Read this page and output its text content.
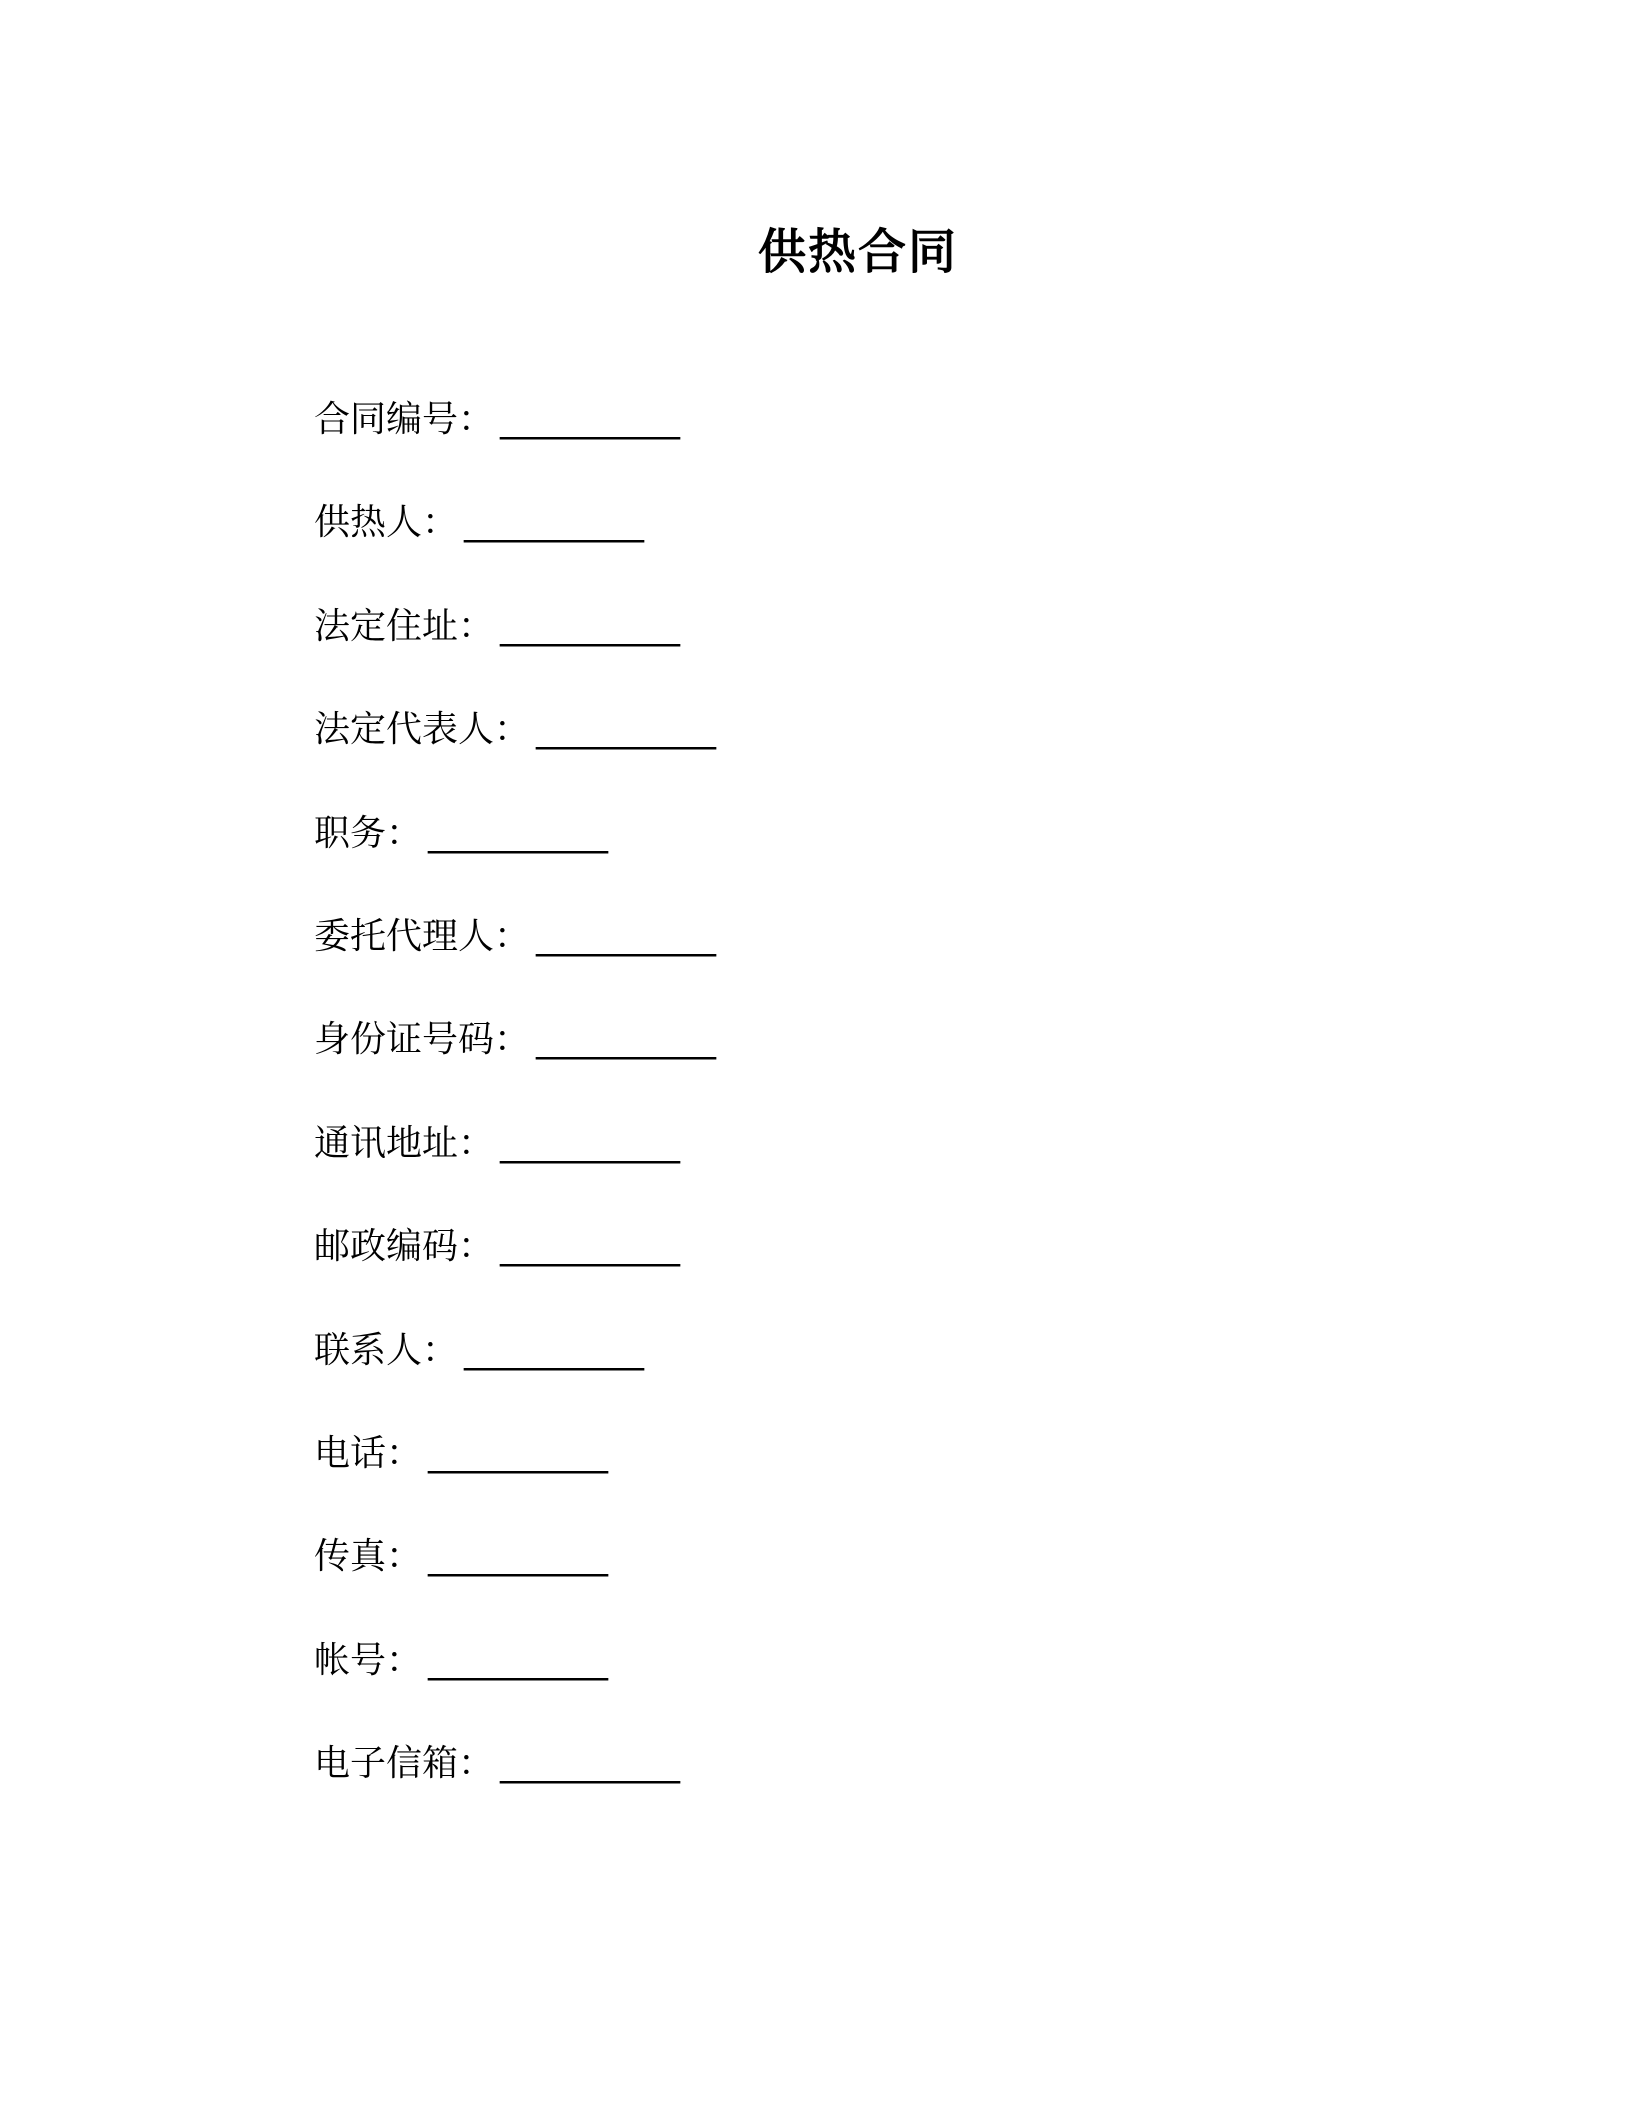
供热合同
合同编号： __________
供热人： __________
法定住址： __________
法定代表人： __________
职务： __________
委托代理人： __________
身份证号码： __________
通讯地址： __________
邮政编码： __________
联系人： __________
电话： __________
传真： __________
帐号： __________
电子信箱： __________
